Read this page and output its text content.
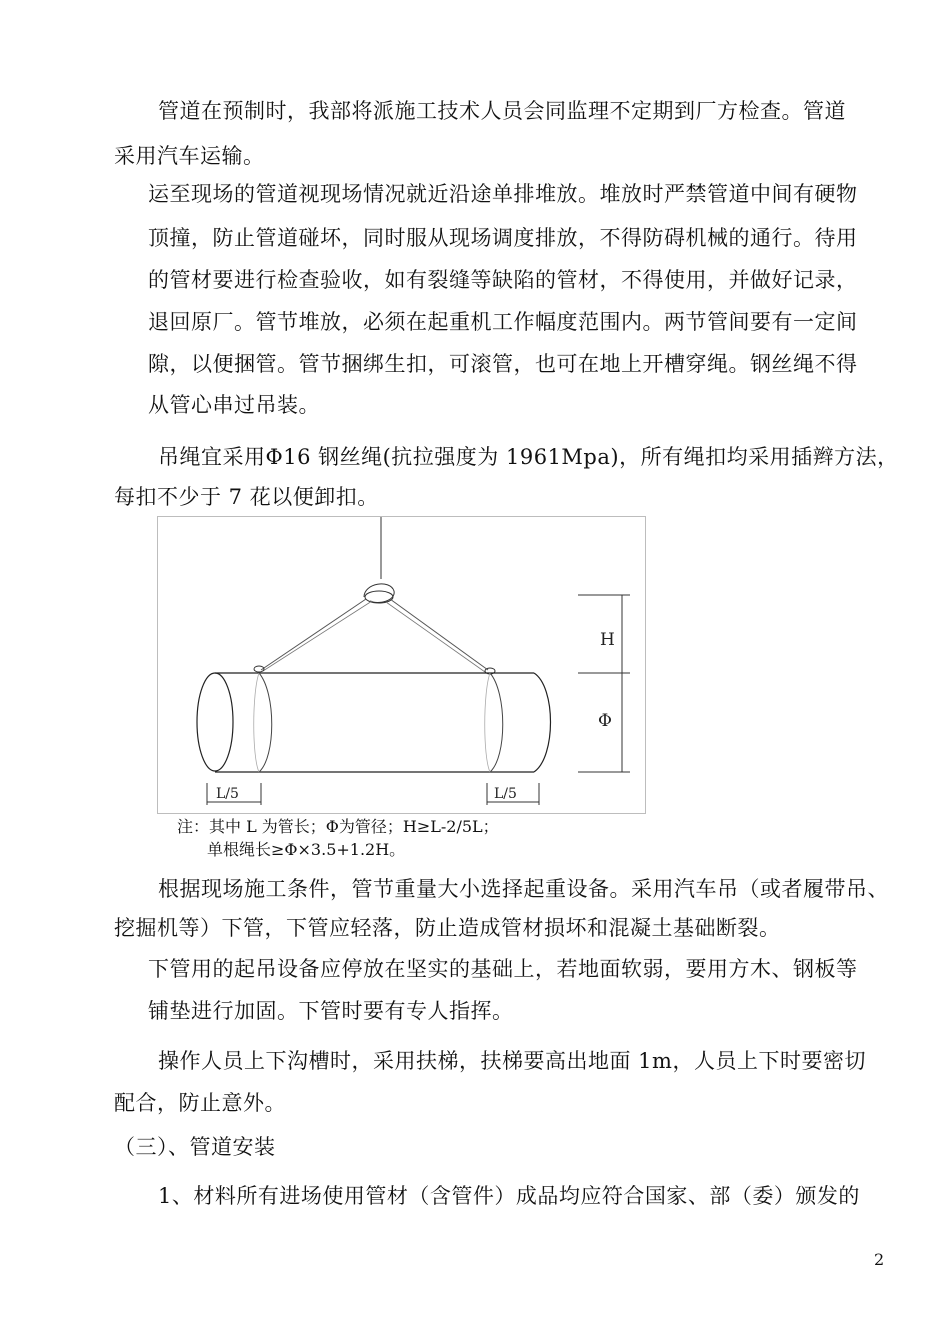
管道在预制时，我部将派施工技术人员会同监理不定期到厂方检查。管道
采用汽车运输。
运至现场的管道视现场情况就近沿途单排堆放。堆放时严禁管道中间有硬物
顶撞，防止管道碰坏，同时服从现场调度排放，不得防碍机械的通行。待用
的管材要进行检查验收，如有裂缝等缺陷的管材，不得使用，并做好记录，
退回原厂。管节堆放，必须在起重机工作幅度范围内。两节管间要有一定间
隙，以便捆管。管节捆绑生扣，可滚管，也可在地上开槽穿绳。钢丝绳不得
从管心串过吊装。
吊绳宜采用Φ16 钢丝绳(抗拉强度为 1961Mpa)，所有绳扣均采用插辫方法，
每扣不少于 7 花以便卸扣。
L/5	L/5
H
Φ
注：其中 L 为管长；Φ为管径；H≥L-2/5L；
单根绳长≥Φ×3.5+1.2H。
根据现场施工条件，管节重量大小选择起重设备。采用汽车吊（或者履带吊、
挖掘机等）下管，下管应轻落，防止造成管材损坏和混凝土基础断裂。
下管用的起吊设备应停放在坚实的基础上，若地面软弱，要用方木、钢板等
铺垫进行加固。下管时要有专人指挥。
操作人员上下沟槽时，采用扶梯，扶梯要高出地面 1m，人员上下时要密切
配合，防止意外。
（三）、管道安装
1、材料所有进场使用管材（含管件）成品均应符合国家、部（委）颁发的
2
